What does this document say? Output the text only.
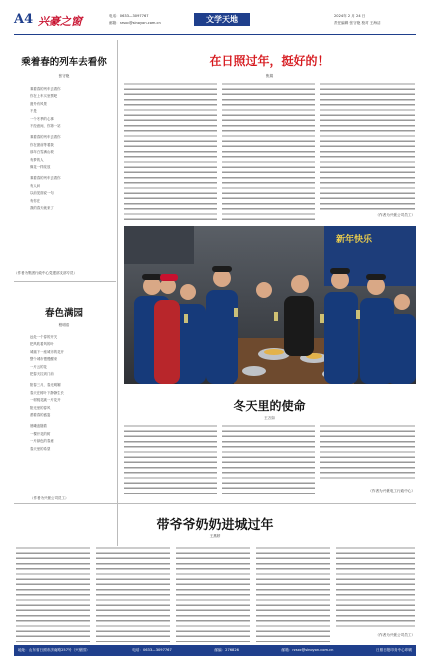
A4 兴豪之窗	电话：0633—3097767
邮箱：rzsxc@sinoyon.com.cn	文学天地	2024年 2 月 24 日
责任编辑 张守艳 校对 王海洁
乘着春的列车去看你
张守艳
乘着春的列车去看你
你在上车买坐票吧
窗外有风景
不是
一个冬季的心事
不经意间，你第一站
乘着春的列车去看你
你在窗前等着我
那年白雪满山坡
有梦的人
像花一样绽放
乘着春的列车去看你
有人问
以前见面说一句
有你在
我的春天就来了
（作者为集团行政中心党建部支部专员）
春色满园
程明浩
远处一个春的开关
把风吹着风的叶
城墙下一座城市的花开
整个城市慢慢醒来
一片云的花
把春天拉到门前
阳春三月，春光明媚
春天在树叶下静静生长
一树桃花跳一片花开
阳光里的春风
洒着春的盛宴
晨曦追随着
一棵开花的树
一片绿色的春意
春天里的希望
（作者为兴豪公司员工）
在日照过年，挺好的！
焦娟
（作者为兴豪公司员工）
新年快乐
冬天里的使命
王万如
（作者为兴豪电工行政中心）
带爷爷奶奶进城过年
王燕婷
（作者为兴豪公司员工）
地址：山东省日照市济南路257号（兴豪园）	电话：0633—3097767	邮编：276826	邮箱：rzsxc@sinoyon.com.cn	日照日报印务中心印刷
